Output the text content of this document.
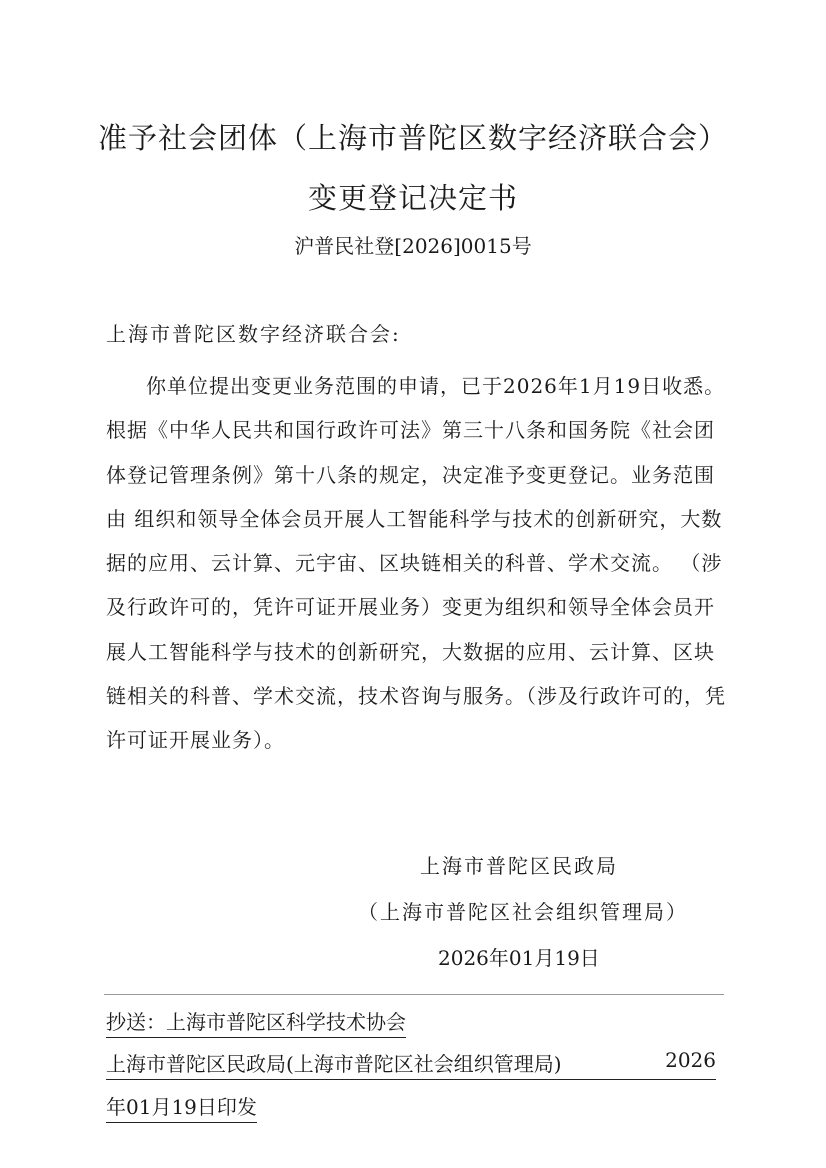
准予社会团体（上海市普陀区数字经济联合会）
变更登记决定书
沪普民社登[2026]0015号
上海市普陀区数字经济联合会:

你单位提出变更业务范围的申请，已于2026年1月19日收悉。根据《中华人民共和国行政许可法》第三十八条和国务院《社会团体登记管理条例》第十八条的规定，决定准予变更登记。业务范围由 组织和领导全体会员开展人工智能科学与技术的创新研究，大数据的应用、云计算、元宇宙、区块链相关的科普、学术交流。 （涉及行政许可的，凭许可证开展业务）变更为组织和领导全体会员开展人工智能科学与技术的创新研究，大数据的应用、云计算、区块链相关的科普、学术交流，技术咨询与服务。（涉及行政许可的，凭许可证开展业务）。

上海市普陀区民政局
（上海市普陀区社会组织管理局）
2026年01月19日
抄送：上海市普陀区科学技术协会
上海市普陀区民政局(上海市普陀区社会组织管理局)	2026
年01月19日印发
